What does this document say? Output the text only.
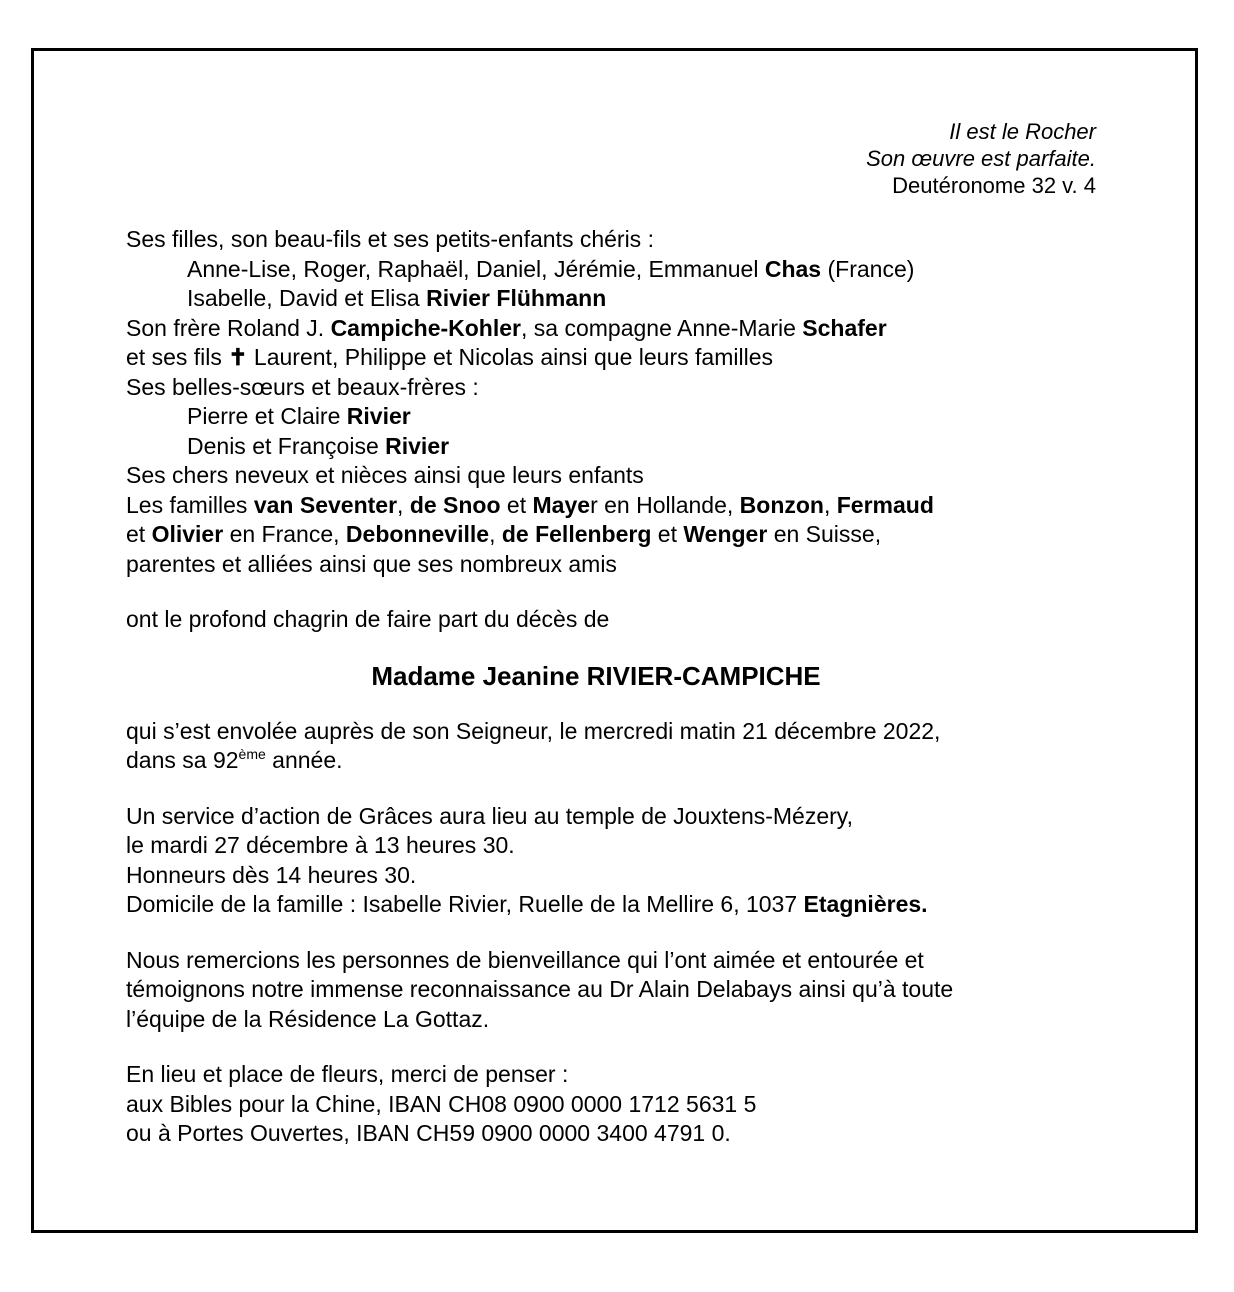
Il est le Rocher
Son œuvre est parfaite.
Deutéronome 32 v. 4
Ses filles, son beau-fils et ses petits-enfants chéris :
Anne-Lise, Roger, Raphaël, Daniel, Jérémie, Emmanuel Chas (France)
Isabelle, David et Elisa Rivier Flühmann
Son frère Roland J. Campiche-Kohler, sa compagne Anne-Marie Schafer
et ses fils ✝ Laurent, Philippe et Nicolas ainsi que leurs familles
Ses belles-sœurs et beaux-frères :
Pierre et Claire Rivier
Denis et Françoise Rivier
Ses chers neveux et nièces ainsi que leurs enfants
Les familles van Seventer, de Snoo et Mayer en Hollande, Bonzon, Fermaud
et Olivier en France, Debonneville, de Fellenberg et Wenger en Suisse,
parentes et alliées ainsi que ses nombreux amis
ont le profond chagrin de faire part du décès de
Madame Jeanine RIVIER-CAMPICHE
qui s’est envolée auprès de son Seigneur, le mercredi matin 21 décembre 2022,
dans sa 92ème année.
Un service d’action de Grâces aura lieu au temple de Jouxtens-Mézery,
le mardi 27 décembre à 13 heures 30.
Honneurs dès 14 heures 30.
Domicile de la famille : Isabelle Rivier, Ruelle de la Mellire 6, 1037 Etagnières.
Nous remercions les personnes de bienveillance qui l’ont aimée et entourée et
témoignons notre immense reconnaissance au Dr Alain Delabays ainsi qu’à toute
l’équipe de la Résidence La Gottaz.
En lieu et place de fleurs, merci de penser :
aux Bibles pour la Chine, IBAN CH08 0900 0000 1712 5631 5
ou à Portes Ouvertes, IBAN CH59 0900 0000 3400 4791 0.
